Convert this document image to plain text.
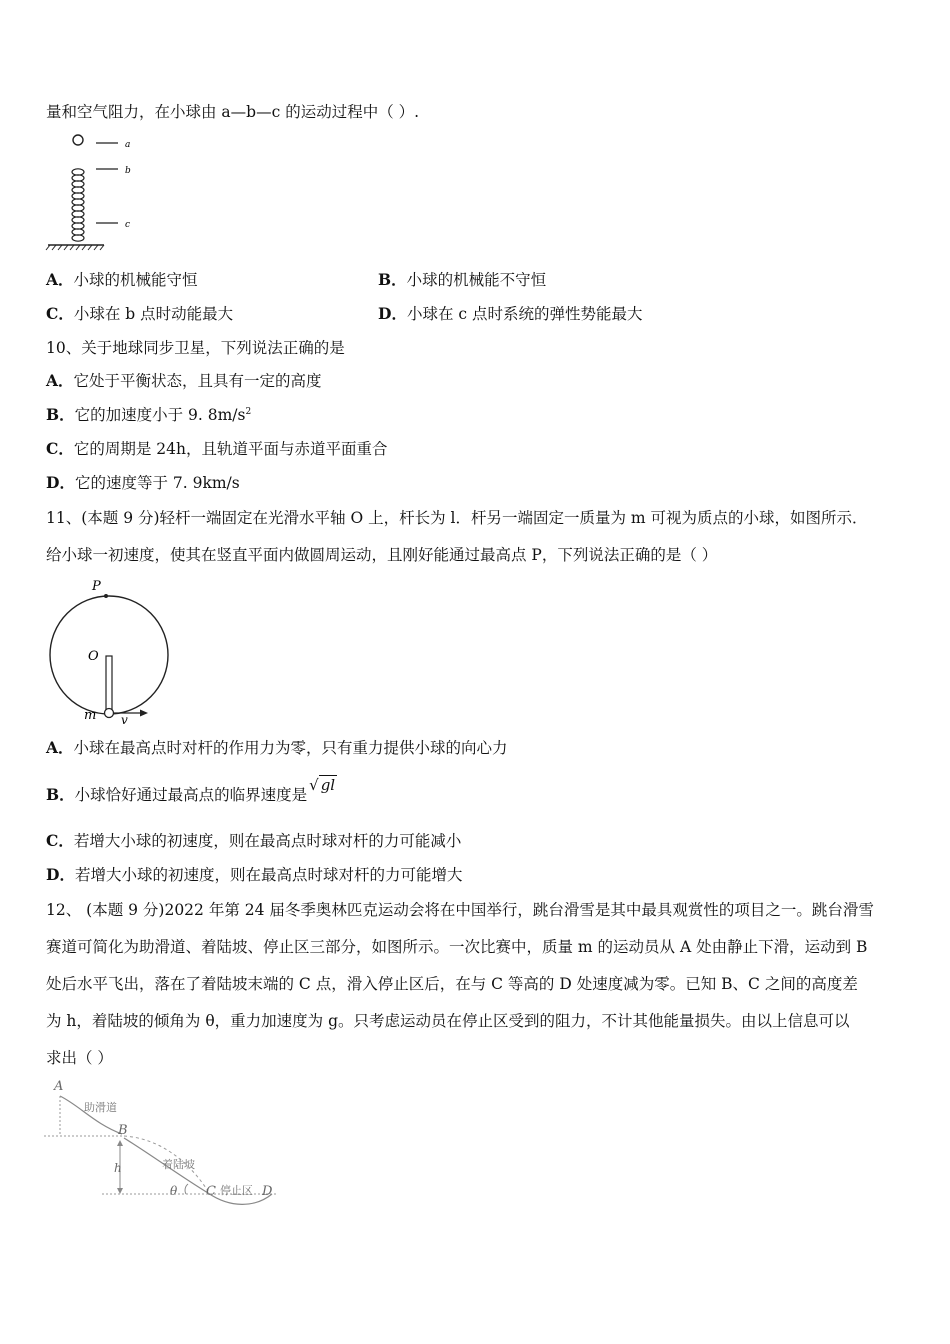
量和空气阻力，在小球由 a—b—c 的运动过程中（ ）.
a
b
c
A．小球的机械能守恒	B．小球的机械能不守恒
C．小球在 b 点时动能最大	D．小球在 c 点时系统的弹性势能最大
10、关于地球同步卫星，下列说法正确的是
A．它处于平衡状态，且具有一定的高度
B．它的加速度小于 9. $8m/s^2$
C．它的周期是 24h，且轨道平面与赤道平面重合
D．它的速度等于 7. 9km/s
11、(本题 9 分)轻杆一端固定在光滑水平轴 O 上，杆长为 l．杆另一端固定一质量为 m 可视为质点的小球，如图所示．
给小球一初速度，使其在竖直平面内做圆周运动，且刚好能通过最高点 P，下列说法正确的是（ ）
P
O
m v
A．小球在最高点时对杆的作用力为零，只有重力提供小球的向心力
B．小球恰好通过最高点的临界速度是√ gl
C．若增大小球的初速度，则在最高点时球对杆的力可能减小
D．若增大小球的初速度，则在最高点时球对杆的力可能增大
12、 (本题 9 分)2022 年第 24 届冬季奥林匹克运动会将在中国举行，跳台滑雪是其中最具观赏性的项目之一。跳台滑雪
赛道可简化为助滑道、着陆坡、停止区三部分，如图所示。一次比赛中，质量 m 的运动员从 A 处由静止下滑，运动到 B
处后水平飞出，落在了着陆坡末端的 C 点，滑入停止区后，在与 C 等高的 D 处速度减为零。已知 B、C 之间的高度差
为 h，着陆坡的倾角为 θ，重力加速度为 g。只考虑运动员在停止区受到的阻力，不计其他能量损失。由以上信息可以
求出（ ）
A
助滑道
B
着陆坡
h
θ C 停止区 D
